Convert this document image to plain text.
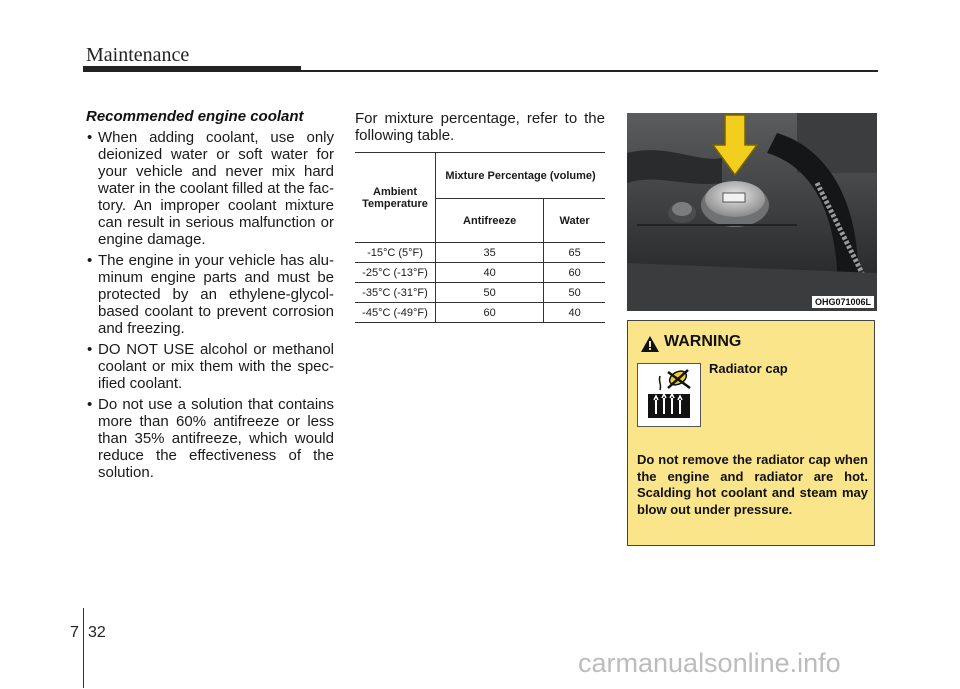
Maintenance
Recommended engine coolant
• When adding coolant, use only deionized water or soft water for your vehicle and never mix hard water in the coolant filled at the fac-tory. An improper coolant mixture can result in serious malfunction or engine damage.
• The engine in your vehicle has alu-minum engine parts and must be protected by an ethylene-glycol-based coolant to prevent corrosion and freezing.
• DO NOT USE alcohol or methanol coolant or mix them with the spec-ified coolant.
• Do not use a solution that contains more than 60% antifreeze or less than 35% antifreeze, which would reduce the effectiveness of the solution.
For mixture percentage, refer to the following table.
Ambient Temperature	Mixture Percentage (volume)	
	Antifreeze	Water
-15°C (5°F)	35	65
-25°C (-13°F)	40	60
-35°C (-31°F)	50	50
-45°C (-49°F)	60	40
OHG071006L
WARNING
Radiator cap
Do not remove the radiator cap when the engine and radiator are hot. Scalding hot coolant and steam may blow out under pressure.
7 32
carmanualsonline.info
